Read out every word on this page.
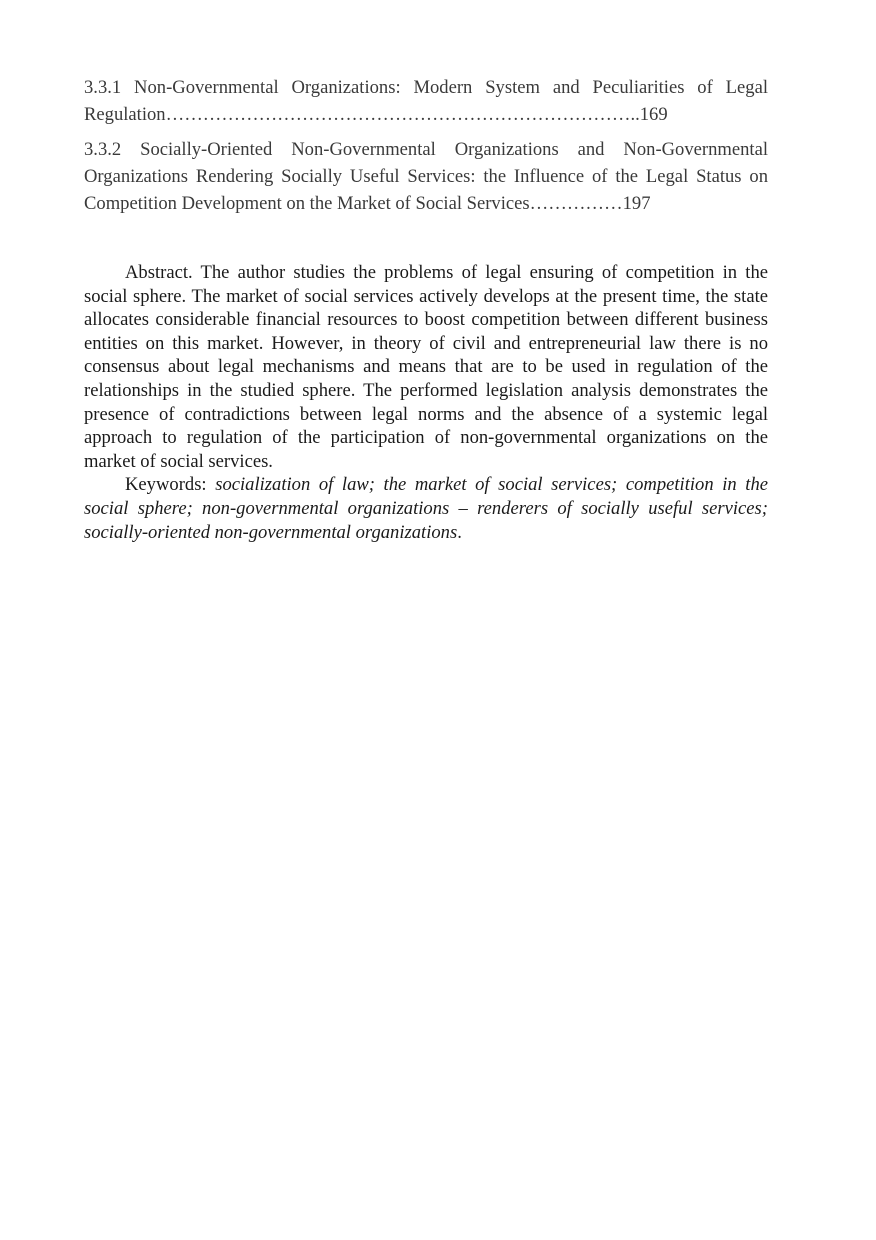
3.3.1 Non-Governmental Organizations: Modern System and Peculiarities of Legal Regulation…………………………………………………………………..169

3.3.2 Socially-Oriented Non-Governmental Organizations and Non-Governmental Organizations Rendering Socially Useful Services: the Influence of the Legal Status on Competition Development on the Market of Social Services……………197

Abstract. The author studies the problems of legal ensuring of competition in the social sphere. The market of social services actively develops at the present time, the state allocates considerable financial resources to boost competition between different business entities on this market. However, in theory of civil and entrepreneurial law there is no consensus about legal mechanisms and means that are to be used in regulation of the relationships in the studied sphere. The performed legislation analysis demonstrates the presence of contradictions between legal norms and the absence of a systemic legal approach to regulation of the participation of non-governmental organizations on the market of social services.

Keywords: socialization of law; the market of social services; competition in the social sphere; non-governmental organizations – renderers of socially useful services; socially-oriented non-governmental organizations.
